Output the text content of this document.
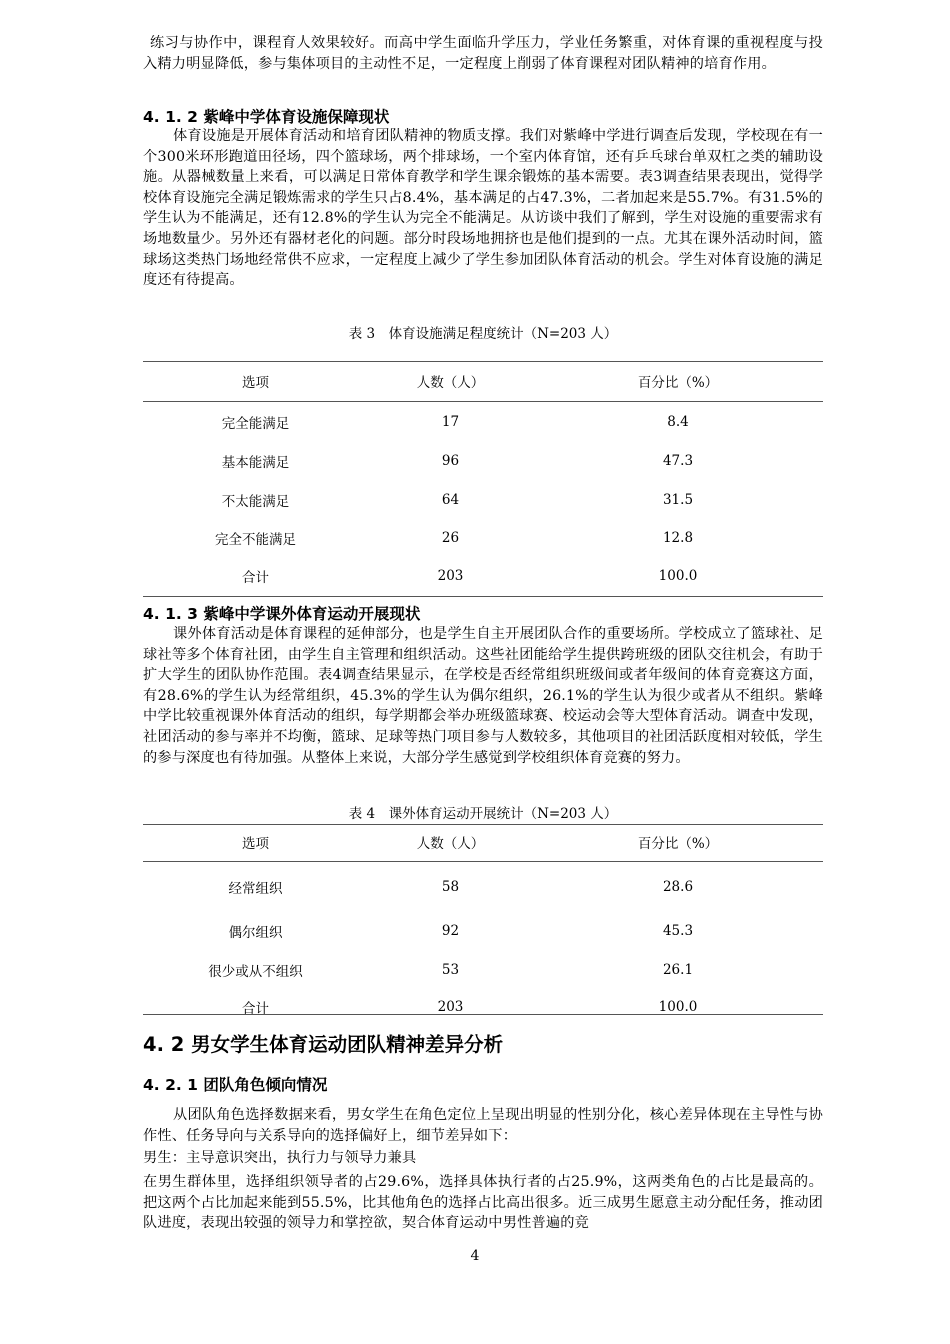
练习与协作中，课程育人效果较好。而高中学生面临升学压力，学业任务繁重，对体育课的重视程度与投入精力明显降低，参与集体项目的主动性不足，一定程度上削弱了体育课程对团队精神的培育作用。

4. 1. 2 紫峰中学体育设施保障现状

体育设施是开展体育活动和培育团队精神的物质支撑。我们对紫峰中学进行调查后发现，学校现在有一个300米环形跑道田径场，四个篮球场，两个排球场，一个室内体育馆，还有乒乓球台单双杠之类的辅助设施。从器械数量上来看，可以满足日常体育教学和学生课余锻炼的基本需要。表3调查结果表现出，觉得学校体育设施完全满足锻炼需求的学生只占8.4%，基本满足的占47.3%，二者加起来是55.7%。有31.5%的学生认为不能满足，还有12.8%的学生认为完全不能满足。从访谈中我们了解到，学生对设施的重要需求有场地数量少。另外还有器材老化的问题。部分时段场地拥挤也是他们提到的一点。尤其在课外活动时间，篮球场这类热门场地经常供不应求，一定程度上减少了学生参加团队体育活动的机会。学生对体育设施的满足度还有待提高。

表 3　体育设施满足程度统计（N=203 人）

选项	人数（人）	百分比（%）
完全能满足	17	8.4
基本能满足	96	47.3
不太能满足	64	31.5
完全不能满足	26	12.8
合计	203	100.0
4. 1. 3 紫峰中学课外体育运动开展现状

课外体育活动是体育课程的延伸部分，也是学生自主开展团队合作的重要场所。学校成立了篮球社、足球社等多个体育社团，由学生自主管理和组织活动。这些社团能给学生提供跨班级的团队交往机会，有助于扩大学生的团队协作范围。表4调查结果显示，在学校是否经常组织班级间或者年级间的体育竞赛这方面，有28.6%的学生认为经常组织，45.3%的学生认为偶尔组织，26.1%的学生认为很少或者从不组织。紫峰中学比较重视课外体育活动的组织，每学期都会举办班级篮球赛、校运动会等大型体育活动。调查中发现，社团活动的参与率并不均衡，篮球、足球等热门项目参与人数较多，其他项目的社团活跃度相对较低，学生的参与深度也有待加强。从整体上来说，大部分学生感觉到学校组织体育竞赛的努力。

表 4　课外体育运动开展统计（N=203 人）

选项	人数（人）	百分比（%）
经常组织	58	28.6
偶尔组织	92	45.3
很少或从不组织	53	26.1
合计	203	100.0
4. 2 男女学生体育运动团队精神差异分析
4. 2. 1 团队角色倾向情况

从团队角色选择数据来看，男女学生在角色定位上呈现出明显的性别分化，核心差异体现在主导性与协作性、任务导向与关系导向的选择偏好上，细节差异如下：

男生：主导意识突出，执行力与领导力兼具

在男生群体里，选择组织领导者的占29.6%，选择具体执行者的占25.9%，这两类角色的占比是最高的。把这两个占比加起来能到55.5%，比其他角色的选择占比高出很多。近三成男生愿意主动分配任务，推动团队进度，表现出较强的领导力和掌控欲，契合体育运动中男性普遍的竞

4
